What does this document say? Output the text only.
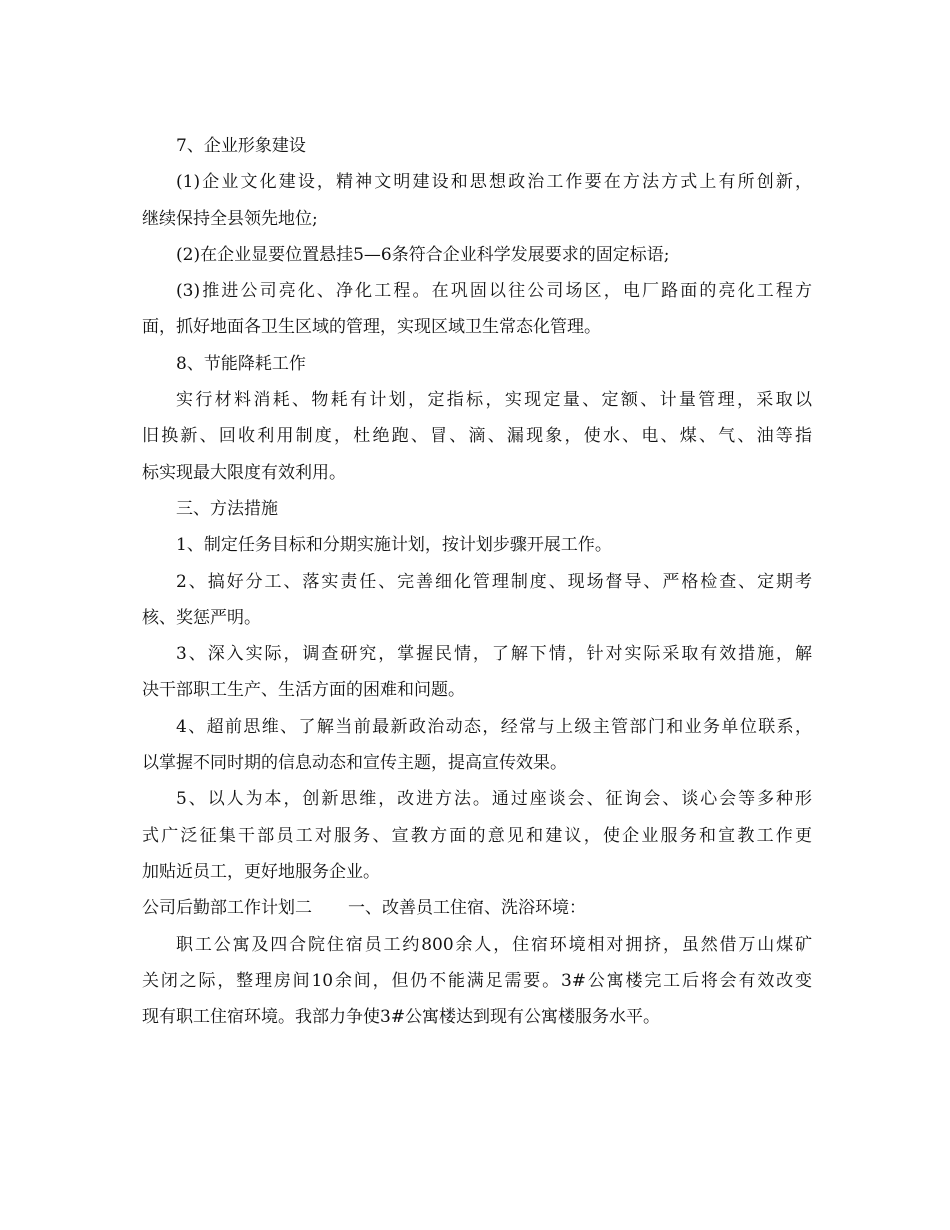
7、企业形象建设
(1)企业文化建设，精神文明建设和思想政治工作要在方法方式上有所创新，
继续保持全县领先地位;
(2)在企业显要位置悬挂5—6条符合企业科学发展要求的固定标语;
(3)推进公司亮化、净化工程。在巩固以往公司场区，电厂路面的亮化工程方
面，抓好地面各卫生区域的管理，实现区域卫生常态化管理。
8、节能降耗工作
实行材料消耗、物耗有计划，定指标，实现定量、定额、计量管理，采取以
旧换新、回收利用制度，杜绝跑、冒、滴、漏现象，使水、电、煤、气、油等指
标实现最大限度有效利用。
三、方法措施
1、制定任务目标和分期实施计划，按计划步骤开展工作。
2、搞好分工、落实责任、完善细化管理制度、现场督导、严格检查、定期考
核、奖惩严明。
3、深入实际，调查研究，掌握民情，了解下情，针对实际采取有效措施，解
决干部职工生产、生活方面的困难和问题。
4、超前思维、了解当前最新政治动态，经常与上级主管部门和业务单位联系，
以掌握不同时期的信息动态和宣传主题，提高宣传效果。
5、以人为本，创新思维，改进方法。通过座谈会、征询会、谈心会等多种形
式广泛征集干部员工对服务、宣教方面的意见和建议，使企业服务和宣教工作更
加贴近员工，更好地服务企业。
公司后勤部工作计划二 一、改善员工住宿、洗浴环境：
职工公寓及四合院住宿员工约800余人，住宿环境相对拥挤，虽然借万山煤矿
关闭之际，整理房间10余间，但仍不能满足需要。3#公寓楼完工后将会有效改变
现有职工住宿环境。我部力争使3#公寓楼达到现有公寓楼服务水平。
